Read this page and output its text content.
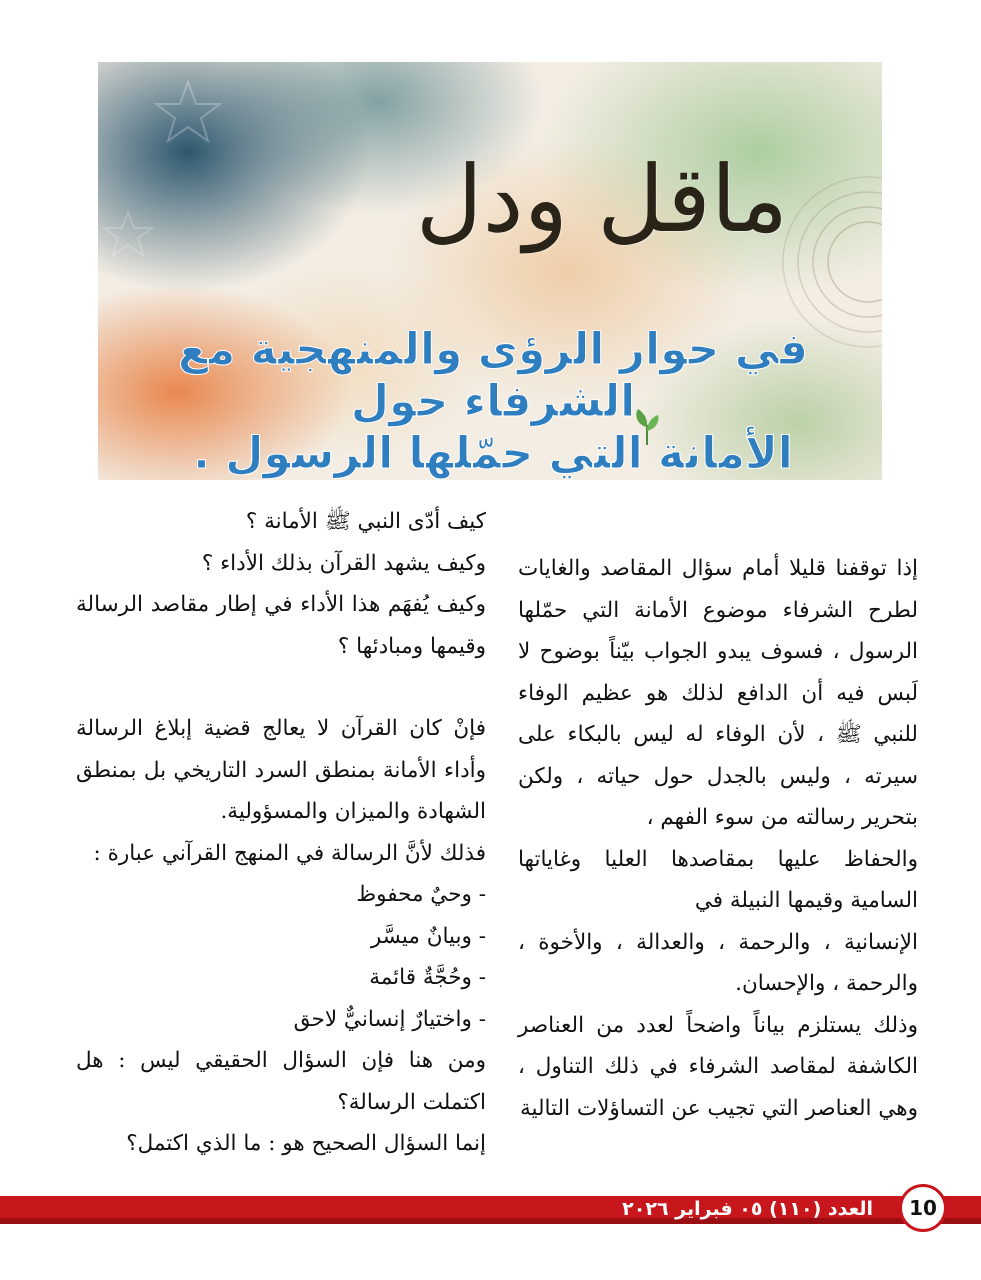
ماقل ودل
في حوار الرؤى والمنهجية مع
الشرفاء حول
الأمانة التي حمّلها الرسول .

إذا توقفنا قليلا أمام سؤال المقاصد والغايات لطرح الشرفاء موضوع الأمانة التي حمّلها الرسول ، فسوف يبدو الجواب بيّناً بوضوح لا لَبس فيه أن الدافع لذلك هو عظيم الوفاء للنبي ﷺ ، لأن الوفاء له ليس بالبكاء على سيرته ، وليس بالجدل حول حياته ، ولكن بتحرير رسالته من سوء الفهم ،

والحفاظ عليها بمقاصدها العليا وغاياتها السامية وقيمها النبيلة في

الإنسانية ، والرحمة ، والعدالة ، والأخوة ، والرحمة ، والإحسان.

وذلك يستلزم بياناً واضحاً لعدد من العناصر الكاشفة لمقاصد الشرفاء في ذلك التناول ، وهي العناصر التي تجيب عن التساؤلات التالية

كيف أدّى النبي ﷺ الأمانة ؟

وكيف يشهد القرآن بذلك الأداء ؟

وكيف يُفهَم هذا الأداء في إطار مقاصد الرسالة وقيمها ومبادئها ؟

فإنْ كان القرآن لا يعالج قضية إبلاغ الرسالة وأداء الأمانة بمنطق السرد التاريخي بل بمنطق الشهادة والميزان والمسؤولية.

فذلك لأنَّ الرسالة في المنهج القرآني عبارة :

- وحيٌ محفوظ

- وبيانٌ ميسَّر

- وحُجَّةٌ قائمة

- واختيارٌ إنسانيٌّ لاحق

ومن هنا فإن السؤال الحقيقي ليس : هل اكتملت الرسالة؟

إنما السؤال الصحيح هو : ما الذي اكتمل؟

العدد (١١٠) ٠٥ فبراير ٢٠٢٦	10
